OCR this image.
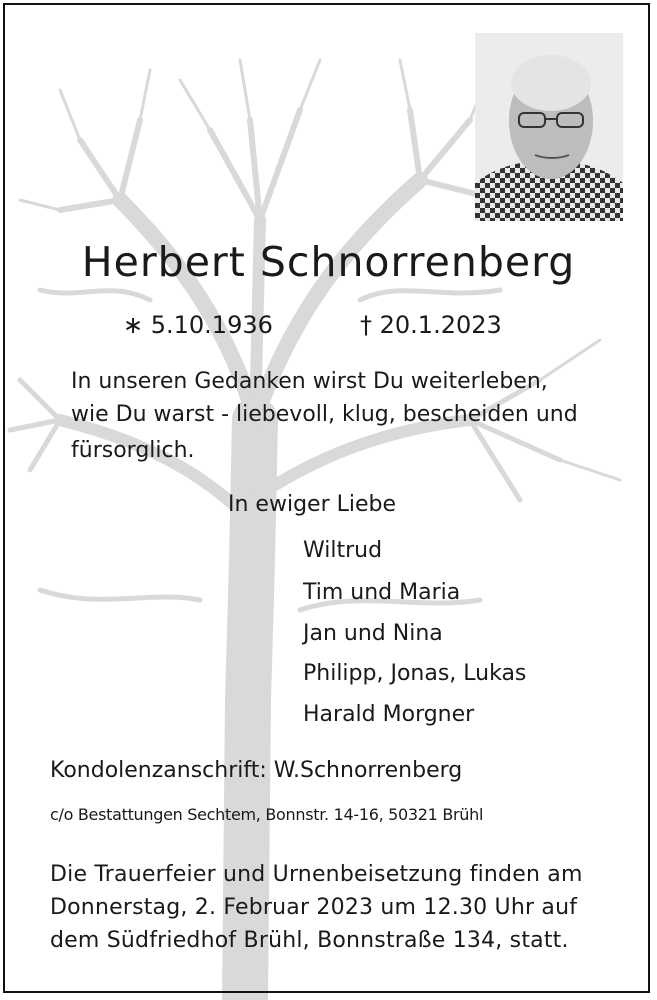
Herbert Schnorrenberg
∗ 5.10.1936	† 20.1.2023
In unseren Gedanken wirst Du weiterleben,
wie Du warst - liebevoll, klug, bescheiden und
fürsorglich.
In ewiger Liebe
Wiltrud
Tim und Maria
Jan und Nina
Philipp, Jonas, Lukas
Harald Morgner
Kondolenzanschrift: W.Schnorrenberg
c/o Bestattungen Sechtem, Bonnstr. 14-16, 50321 Brühl
Die Trauerfeier und Urnenbeisetzung finden am
Donnerstag, 2. Februar 2023 um 12.30 Uhr auf
dem Südfriedhof Brühl, Bonnstraße 134, statt.
